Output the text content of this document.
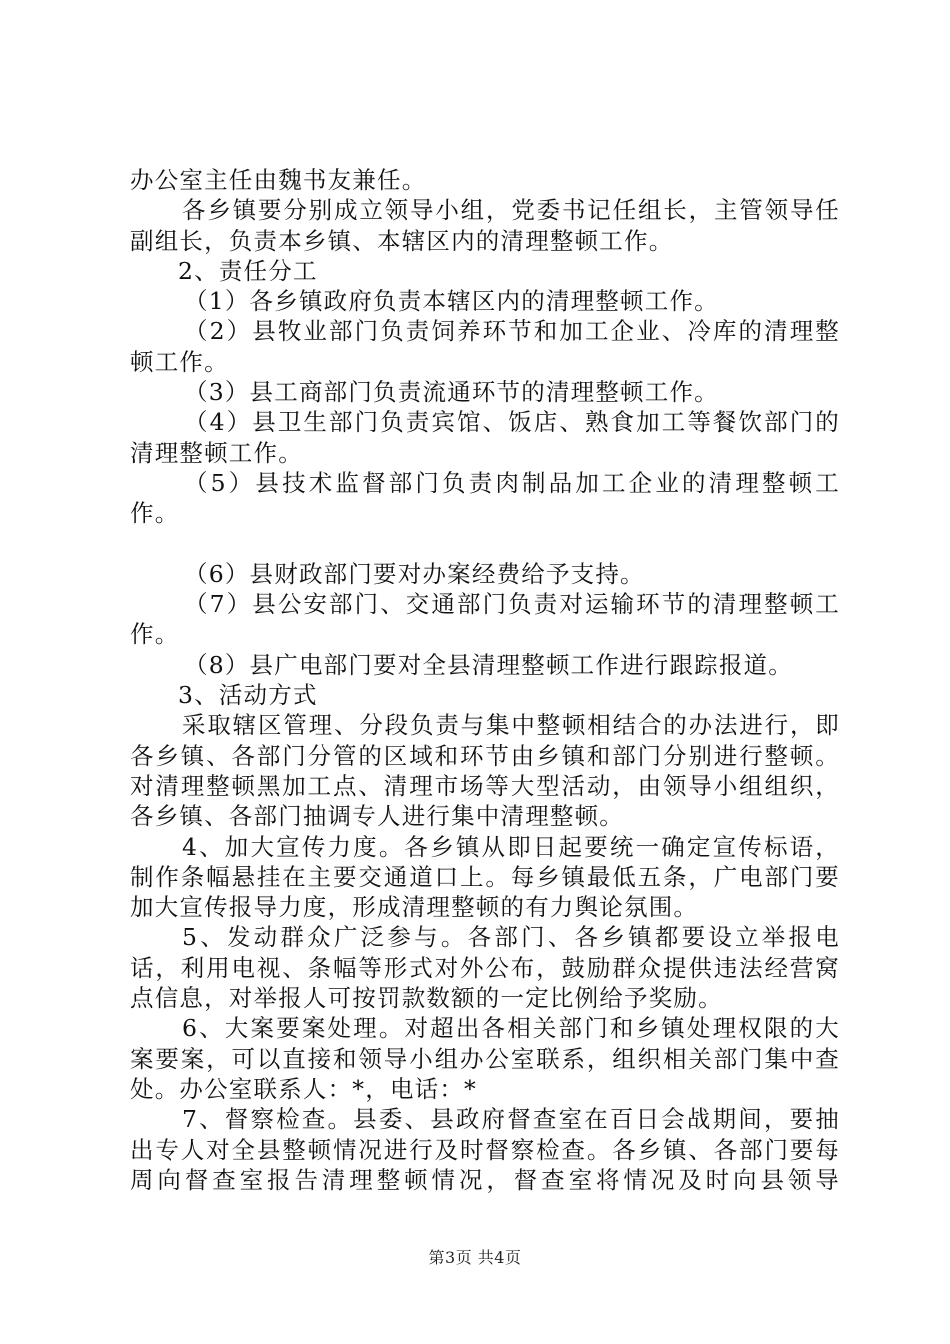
办公室主任由魏书友兼任。

各乡镇要分别成立领导小组，党委书记任组长，主管领导任副组长，负责本乡镇、本辖区内的清理整顿工作。

2、责任分工

（1）各乡镇政府负责本辖区内的清理整顿工作。

（2）县牧业部门负责饲养环节和加工企业、冷库的清理整顿工作。

（3）县工商部门负责流通环节的清理整顿工作。

（4）县卫生部门负责宾馆、饭店、熟食加工等餐饮部门的清理整顿工作。

（5）县技术监督部门负责肉制品加工企业的清理整顿工作。

（6）县财政部门要对办案经费给予支持。

（7）县公安部门、交通部门负责对运输环节的清理整顿工作。

（8）县广电部门要对全县清理整顿工作进行跟踪报道。

3、活动方式

采取辖区管理、分段负责与集中整顿相结合的办法进行，即各乡镇、各部门分管的区域和环节由乡镇和部门分别进行整顿。对清理整顿黑加工点、清理市场等大型活动，由领导小组组织，各乡镇、各部门抽调专人进行集中清理整顿。

4、加大宣传力度。各乡镇从即日起要统一确定宣传标语，制作条幅悬挂在主要交通道口上。每乡镇最低五条，广电部门要加大宣传报导力度，形成清理整顿的有力舆论氛围。

5、发动群众广泛参与。各部门、各乡镇都要设立举报电话，利用电视、条幅等形式对外公布，鼓励群众提供违法经营窝点信息，对举报人可按罚款数额的一定比例给予奖励。

6、大案要案处理。对超出各相关部门和乡镇处理权限的大案要案，可以直接和领导小组办公室联系，组织相关部门集中查处。办公室联系人：*，电话：*

7、督察检查。县委、县政府督查室在百日会战期间，要抽出专人对全县整顿情况进行及时督察检查。各乡镇、各部门要每周向督查室报告清理整顿情况，督查室将情况及时向县领导

第3页 共4页
